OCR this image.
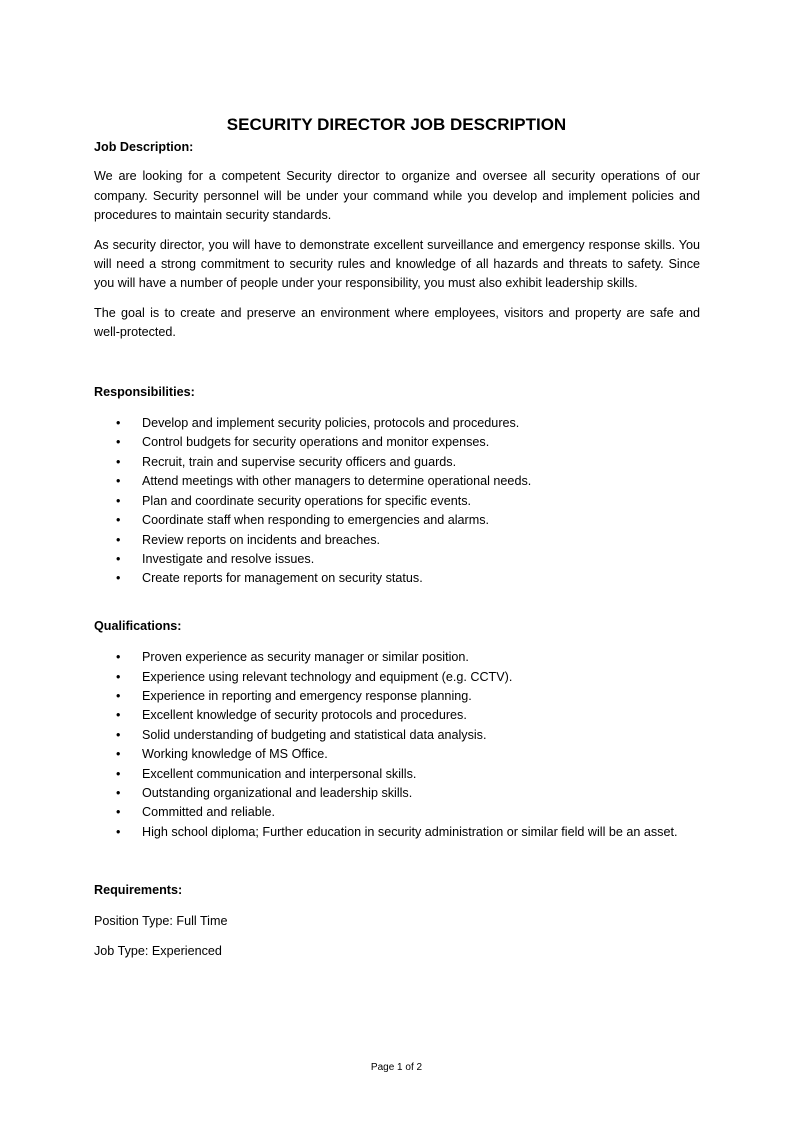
SECURITY DIRECTOR JOB DESCRIPTION

Job Description:

We are looking for a competent Security director to organize and oversee all security operations of our company. Security personnel will be under your command while you develop and implement policies and procedures to maintain security standards.

As security director, you will have to demonstrate excellent surveillance and emergency response skills. You will need a strong commitment to security rules and knowledge of all hazards and threats to safety. Since you will have a number of people under your responsibility, you must also exhibit leadership skills.

The goal is to create and preserve an environment where employees, visitors and property are safe and well-protected.

Responsibilities:

• Develop and implement security policies, protocols and procedures.
• Control budgets for security operations and monitor expenses.
• Recruit, train and supervise security officers and guards.
• Attend meetings with other managers to determine operational needs.
• Plan and coordinate security operations for specific events.
• Coordinate staff when responding to emergencies and alarms.
• Review reports on incidents and breaches.
• Investigate and resolve issues.
• Create reports for management on security status.

Qualifications:

• Proven experience as security manager or similar position.
• Experience using relevant technology and equipment (e.g. CCTV).
• Experience in reporting and emergency response planning.
• Excellent knowledge of security protocols and procedures.
• Solid understanding of budgeting and statistical data analysis.
• Working knowledge of MS Office.
• Excellent communication and interpersonal skills.
• Outstanding organizational and leadership skills.
• Committed and reliable.
• High school diploma; Further education in security administration or similar field will be an asset.

Requirements:

Position Type: Full Time

Job Type: Experienced

Page 1 of 2
